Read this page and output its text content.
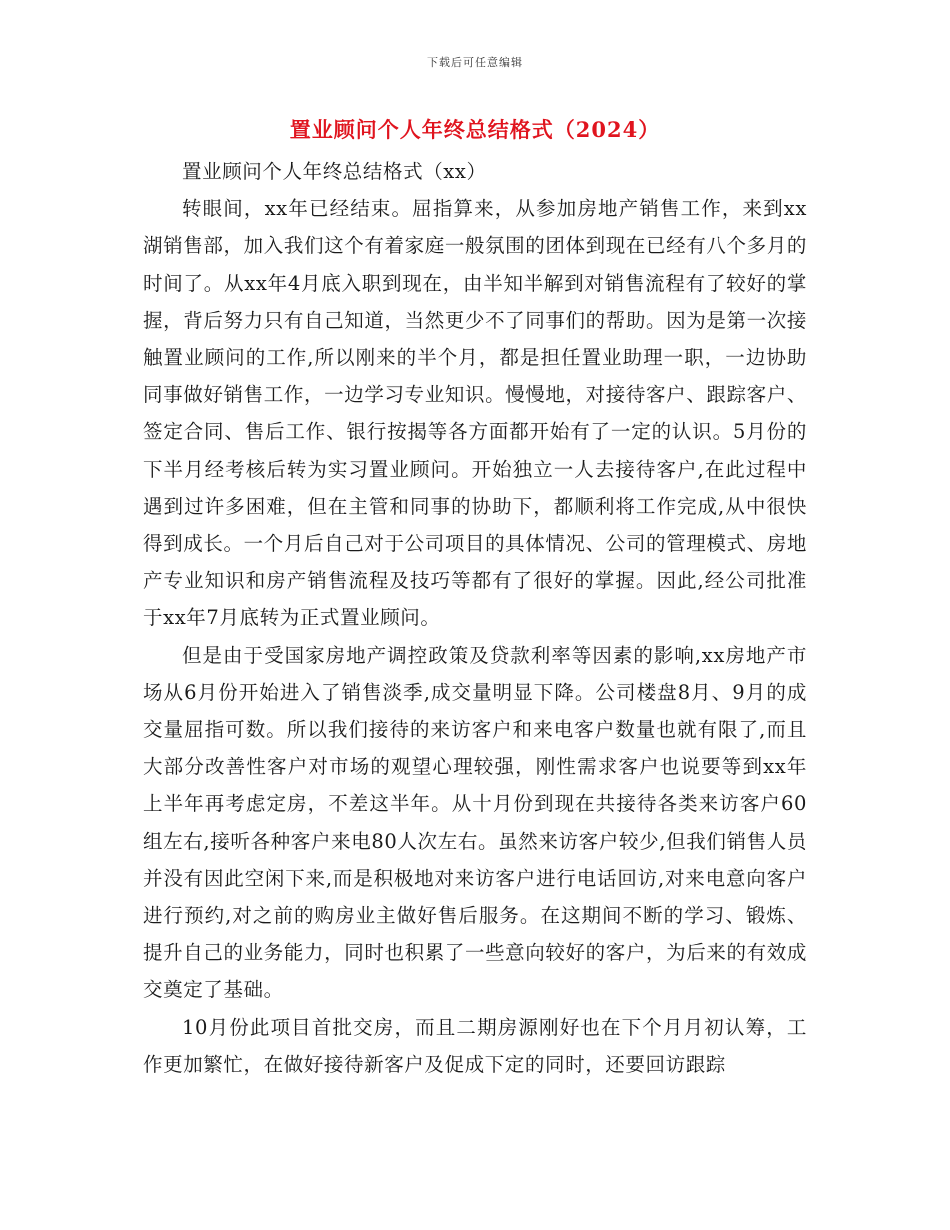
下载后可任意编辑
置业顾问个人年终总结格式（2024）

置业顾问个人年终总结格式（xx）

转眼间，xx年已经结束。屈指算来，从参加房地产销售工作，来到xx湖销售部，加入我们这个有着家庭一般氛围的团体到现在已经有八个多月的时间了。从xx年4月底入职到现在，由半知半解到对销售流程有了较好的掌握，背后努力只有自己知道，当然更少不了同事们的帮助。因为是第一次接触置业顾问的工作,所以刚来的半个月，都是担任置业助理一职，一边协助同事做好销售工作，一边学习专业知识。慢慢地，对接待客户、跟踪客户、签定合同、售后工作、银行按揭等各方面都开始有了一定的认识。5月份的下半月经考核后转为实习置业顾问。开始独立一人去接待客户,在此过程中遇到过许多困难，但在主管和同事的协助下，都顺利将工作完成,从中很快得到成长。一个月后自己对于公司项目的具体情况、公司的管理模式、房地产专业知识和房产销售流程及技巧等都有了很好的掌握。因此,经公司批准于xx年7月底转为正式置业顾问。

但是由于受国家房地产调控政策及贷款利率等因素的影响,xx房地产市场从6月份开始进入了销售淡季,成交量明显下降。公司楼盘8月、9月的成交量屈指可数。所以我们接待的来访客户和来电客户数量也就有限了,而且大部分改善性客户对市场的观望心理较强，刚性需求客户也说要等到xx年上半年再考虑定房，不差这半年。从十月份到现在共接待各类来访客户60组左右,接听各种客户来电80人次左右。虽然来访客户较少,但我们销售人员并没有因此空闲下来,而是积极地对来访客户进行电话回访,对来电意向客户进行预约,对之前的购房业主做好售后服务。在这期间不断的学习、锻炼、提升自己的业务能力，同时也积累了一些意向较好的客户，为后来的有效成交奠定了基础。

10月份此项目首批交房，而且二期房源刚好也在下个月月初认筹，工作更加繁忙，在做好接待新客户及促成下定的同时，还要回访跟踪
